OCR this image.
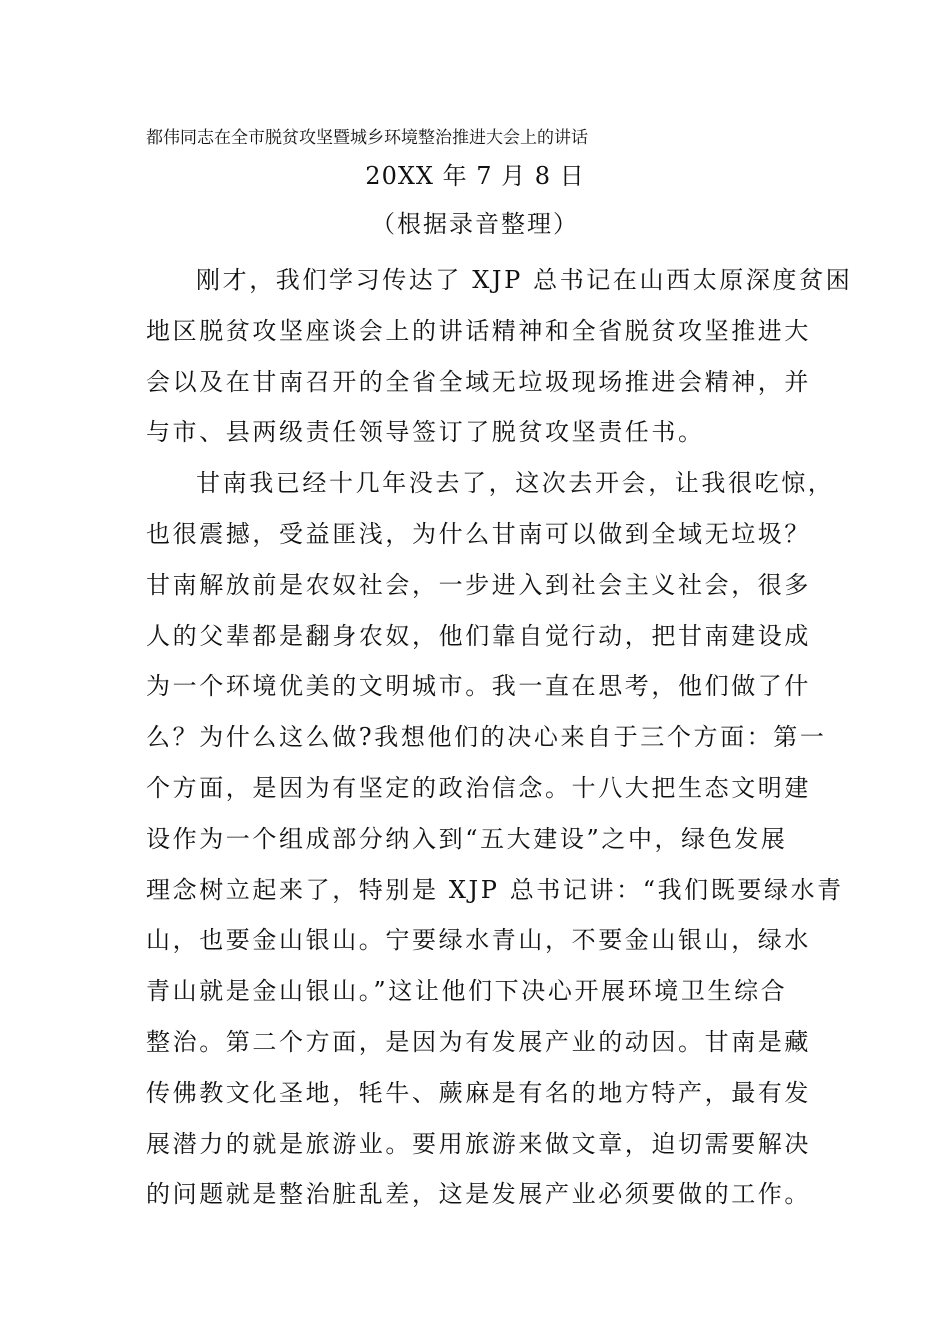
都伟同志在全市脱贫攻坚暨城乡环境整治推进大会上的讲话
20XX 年 7 月 8 日
（根据录音整理）
刚才，我们学习传达了 XJP 总书记在山西太原深度贫困
地区脱贫攻坚座谈会上的讲话精神和全省脱贫攻坚推进大
会以及在甘南召开的全省全域无垃圾现场推进会精神，并
与市、县两级责任领导签订了脱贫攻坚责任书。
甘南我已经十几年没去了，这次去开会，让我很吃惊，
也很震撼，受益匪浅，为什么甘南可以做到全域无垃圾？
甘南解放前是农奴社会，一步进入到社会主义社会，很多
人的父辈都是翻身农奴，他们靠自觉行动，把甘南建设成
为一个环境优美的文明城市。我一直在思考，他们做了什
么？为什么这么做?我想他们的决心来自于三个方面：第一
个方面，是因为有坚定的政治信念。十八大把生态文明建
设作为一个组成部分纳入到“五大建设”之中，绿色发展
理念树立起来了，特别是 XJP 总书记讲：“我们既要绿水青
山，也要金山银山。宁要绿水青山，不要金山银山，绿水
青山就是金山银山。”这让他们下决心开展环境卫生综合
整治。第二个方面，是因为有发展产业的动因。甘南是藏
传佛教文化圣地，牦牛、蕨麻是有名的地方特产，最有发
展潜力的就是旅游业。要用旅游来做文章，迫切需要解决
的问题就是整治脏乱差，这是发展产业必须要做的工作。
